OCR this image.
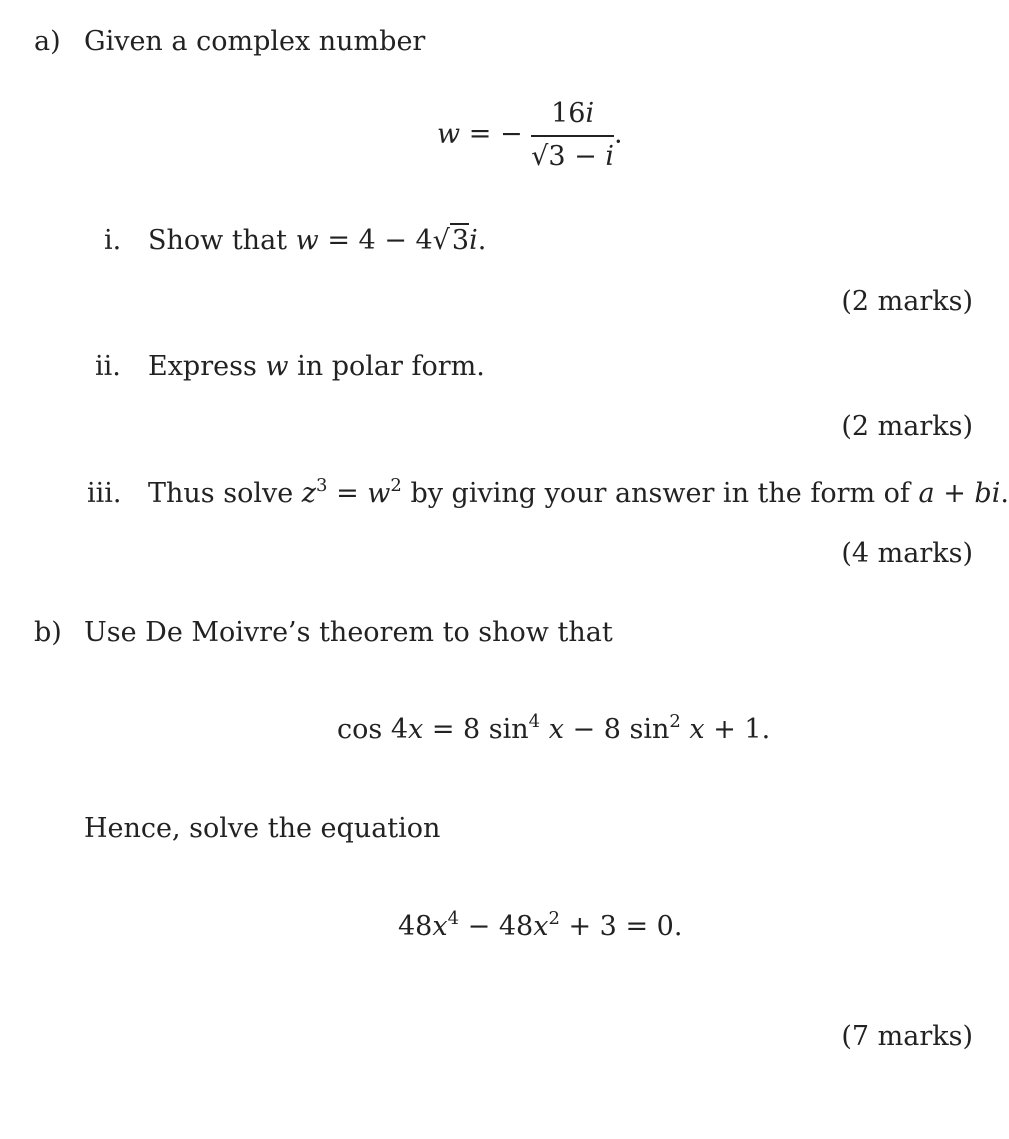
a) Given a complex number
w = − $\frac{16i}{√3 - i}$ .
i. Show that w = 4 − 4√3i.
(2 marks)
ii. Express w in polar form.
(2 marks)
iii. Thus solve $z^3 = w^2$ by giving your answer in the form of a + bi.
(4 marks)
b) Use De Moivre’s theorem to show that
cos 4x = 8 $\sin^4 x - 8$ $\sin^2 x + 1$.
Hence, solve the equation
$48x^4 - 48x^2 + 3 = 0$.
(7 marks)
